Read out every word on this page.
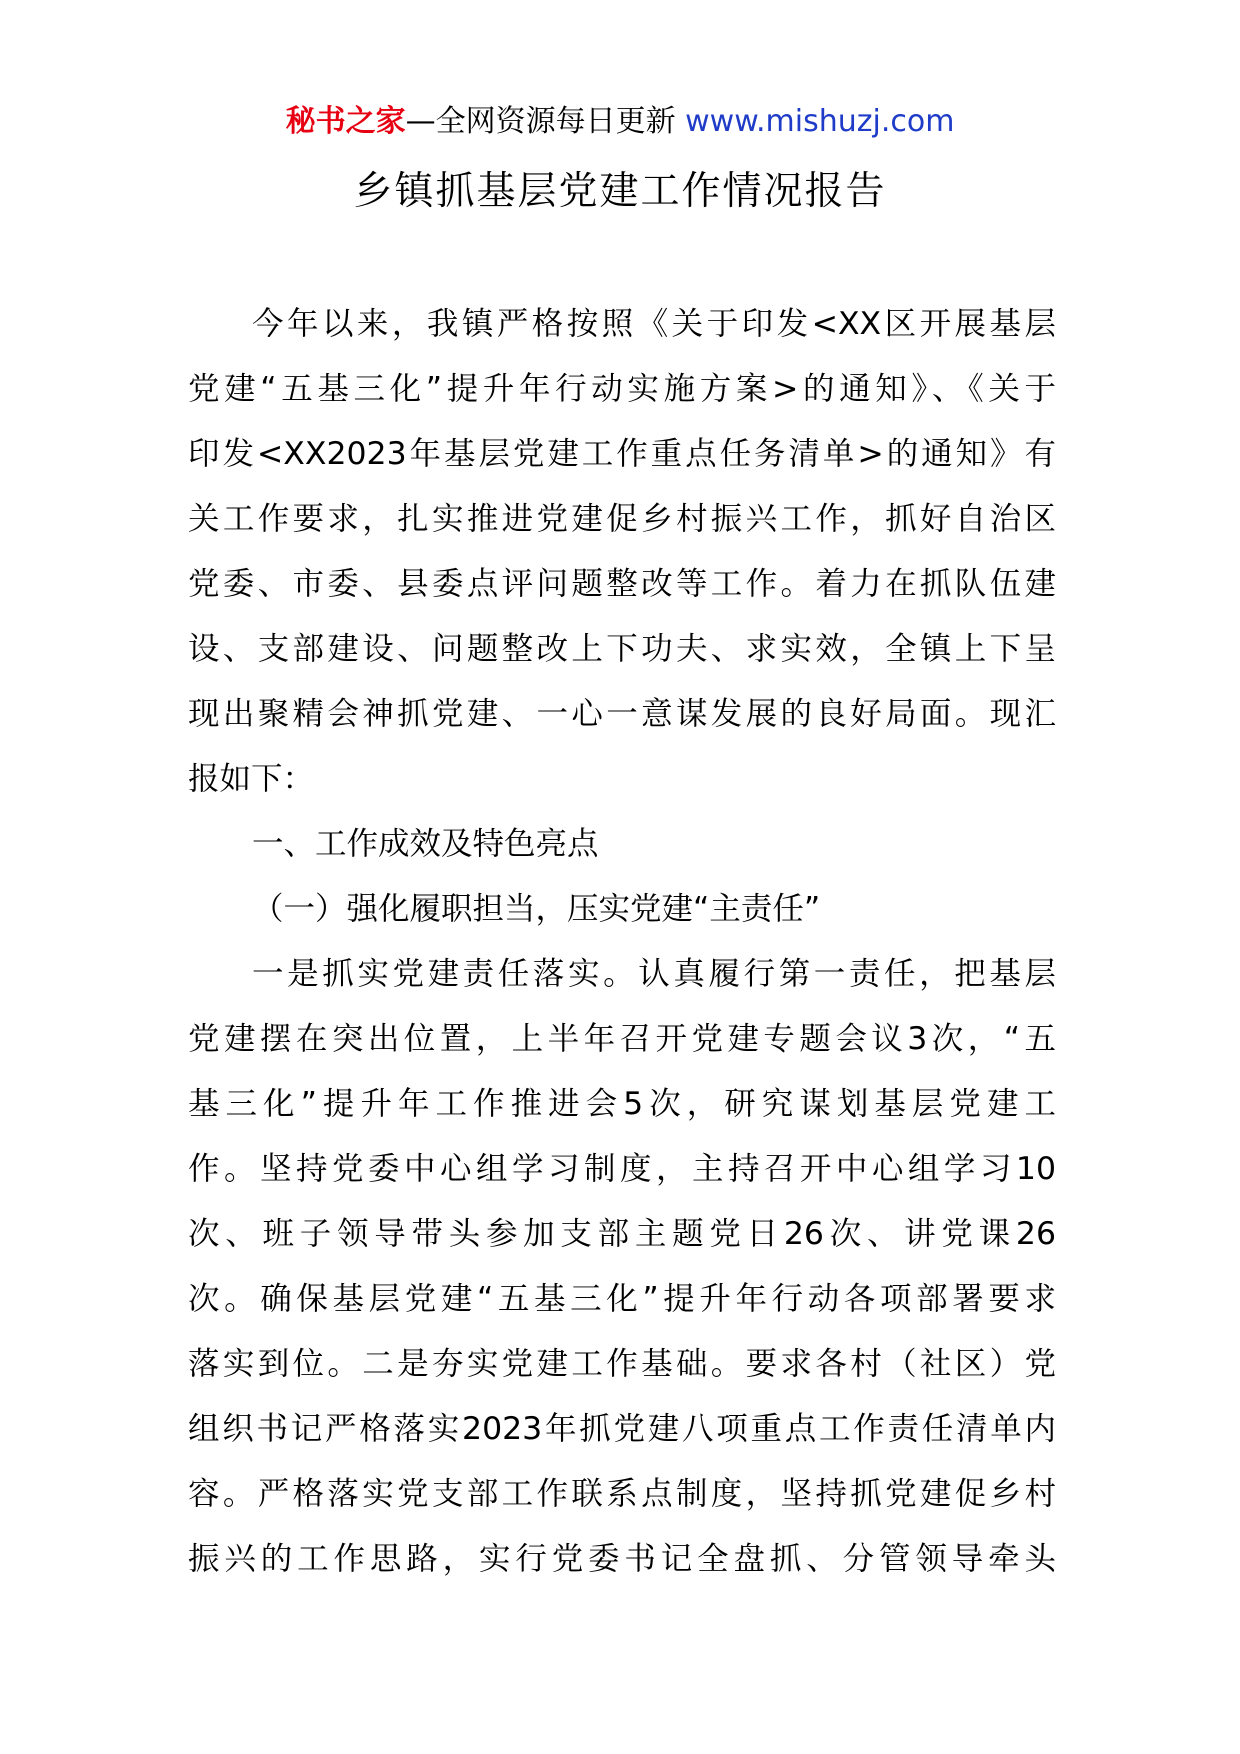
秘书之家—全网资源每日更新 www.mishuzj.com
乡镇抓基层党建工作情况报告

今年以来，我镇严格按照《关于印发<XX区开展基层
党建“五基三化”提升年行动实施方案>的通知》、《关于
印发<XX2023年基层党建工作重点任务清单>的通知》有
关工作要求，扎实推进党建促乡村振兴工作，抓好自治区
党委、市委、县委点评问题整改等工作。着力在抓队伍建
设、支部建设、问题整改上下功夫、求实效，全镇上下呈
现出聚精会神抓党建、一心一意谋发展的良好局面。现汇
报如下：

一、工作成效及特色亮点

（一）强化履职担当，压实党建“主责任”

一是抓实党建责任落实。认真履行第一责任，把基层
党建摆在突出位置，上半年召开党建专题会议3次，“五
基三化”提升年工作推进会5次，研究谋划基层党建工
作。坚持党委中心组学习制度，主持召开中心组学习10
次、班子领导带头参加支部主题党日26次、讲党课26
次。确保基层党建“五基三化”提升年行动各项部署要求
落实到位。二是夯实党建工作基础。要求各村（社区）党
组织书记严格落实2023年抓党建八项重点工作责任清单内
容。严格落实党支部工作联系点制度，坚持抓党建促乡村
振兴的工作思路，实行党委书记全盘抓、分管领导牵头
